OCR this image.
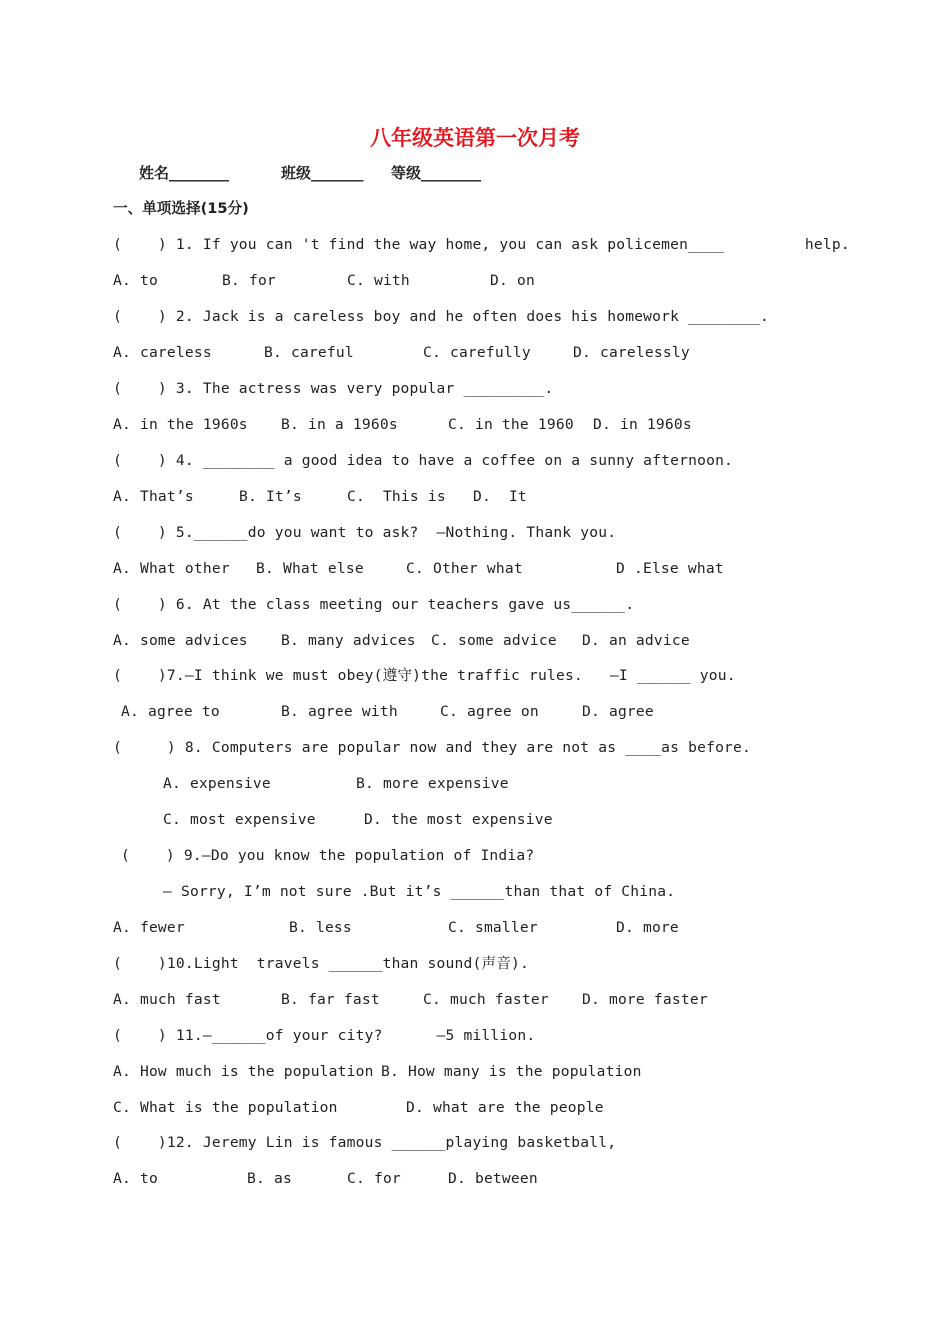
八年级英语第一次月考
姓名________	班级_______ 等级________
一、单项选择(15分)
(    ) 1. If you can 't find the way home, you can ask policemen____         help.
A. to	B. for	C. with	D. on
(    ) 2. Jack is a careless boy and he often does his homework ________.
A. careless	B. careful	C. carefully	D. carelessly
(    ) 3. The actress was very popular _________.
A. in the 1960s B. in a 1960s	C. in the 1960 D. in 1960s
(    ) 4. ________ a good idea to have a coffee on a sunny afternoon.
A. That’s	B. It’s	C.  This is D.  It
(    ) 5.______do you want to ask?  —Nothing. Thank you.
A. What other B. What else	C. Other what	D .Else what
(    ) 6. At the class meeting our teachers gave us______.
A. some advices B. many advices C. some advice D. an advice
(    )7.—I think we must obey(遵守)the traffic rules.   —I ______ you.
A. agree to	B. agree with	C. agree on	D. agree
(     ) 8. Computers are popular now and they are not as ____as before.
A. expensive	B. more expensive
C. most expensive	D. the most expensive
(    ) 9.—Do you know the population of India?
— Sorry, I’m not sure .But it’s ______than that of China.
A. fewer	B. less	C. smaller	D. more
(    )10.Light  travels ______than sound(声音).
A. much fast	B. far fast	C. much faster D. more faster
(    ) 11.—______of your city?      —5 million.
A. How much is the population B. How many is the population
C. What is the population	D. what are the people
(    )12. Jeremy Lin is famous ______playing basketball,
A. to	B. as	C. for	D. between
